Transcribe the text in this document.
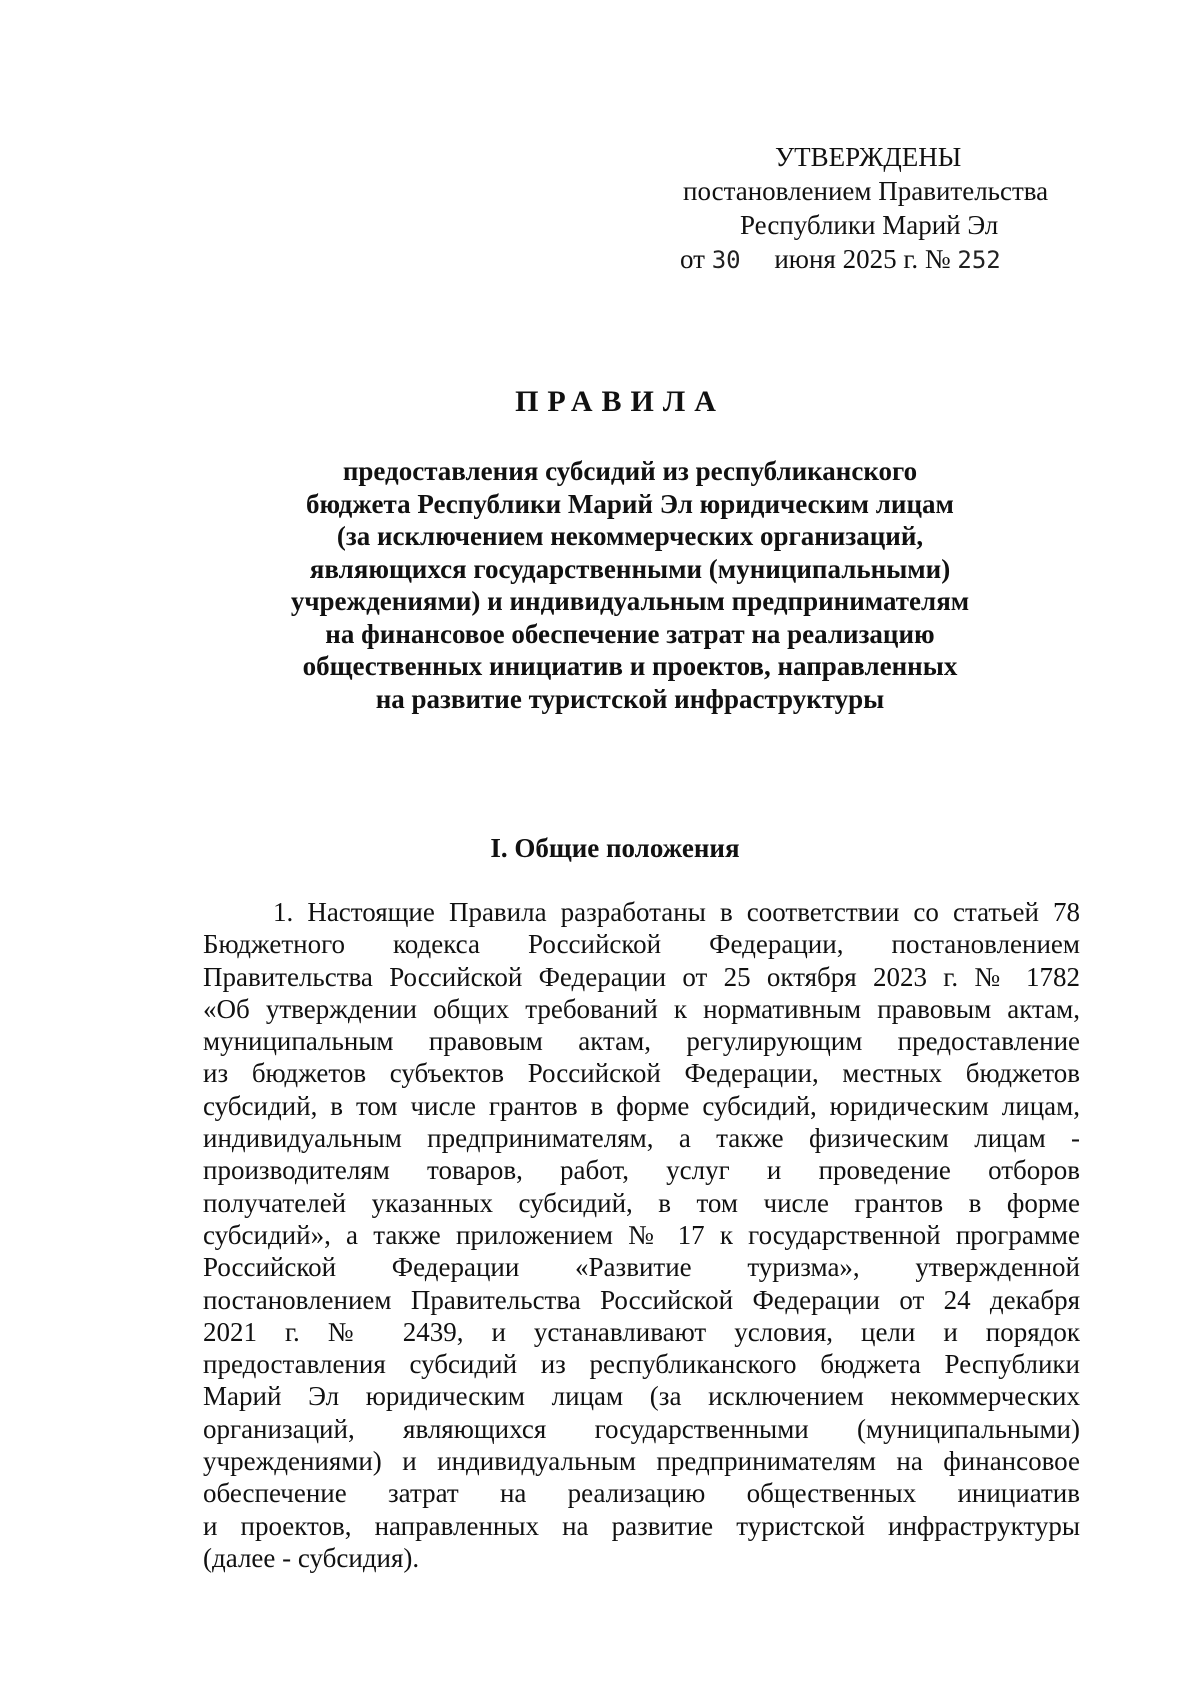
УТВЕРЖДЕНЫ
постановлением Правительства
Республики Марий Эл
от 30 июня 2025 г. № 252
ПРАВИЛА
предоставления субсидий из республиканского
бюджета Республики Марий Эл юридическим лицам
(за исключением некоммерческих организаций,
являющихся государственными (муниципальными)
учреждениями) и индивидуальным предпринимателям
на финансовое обеспечение затрат на реализацию
общественных инициатив и проектов, направленных
на развитие туристской инфраструктуры
I. Общие положения
1. Настоящие Правила разработаны в соответствии со статьей 78
Бюджетного кодекса Российской Федерации, постановлением
Правительства Российской Федерации от 25 октября 2023 г. № 1782
«Об утверждении общих требований к нормативным правовым актам,
муниципальным правовым актам, регулирующим предоставление
из бюджетов субъектов Российской Федерации, местных бюджетов
субсидий, в том числе грантов в форме субсидий, юридическим лицам,
индивидуальным предпринимателям, а также физическим лицам -
производителям товаров, работ, услуг и проведение отборов
получателей указанных субсидий, в том числе грантов в форме
субсидий», а также приложением № 17 к государственной программе
Российской Федерации «Развитие туризма», утвержденной
постановлением Правительства Российской Федерации от 24 декабря
2021 г. № 2439, и устанавливают условия, цели и порядок
предоставления субсидий из республиканского бюджета Республики
Марий Эл юридическим лицам (за исключением некоммерческих
организаций, являющихся государственными (муниципальными)
учреждениями) и индивидуальным предпринимателям на финансовое
обеспечение затрат на реализацию общественных инициатив
и проектов, направленных на развитие туристской инфраструктуры
(далее - субсидия).
